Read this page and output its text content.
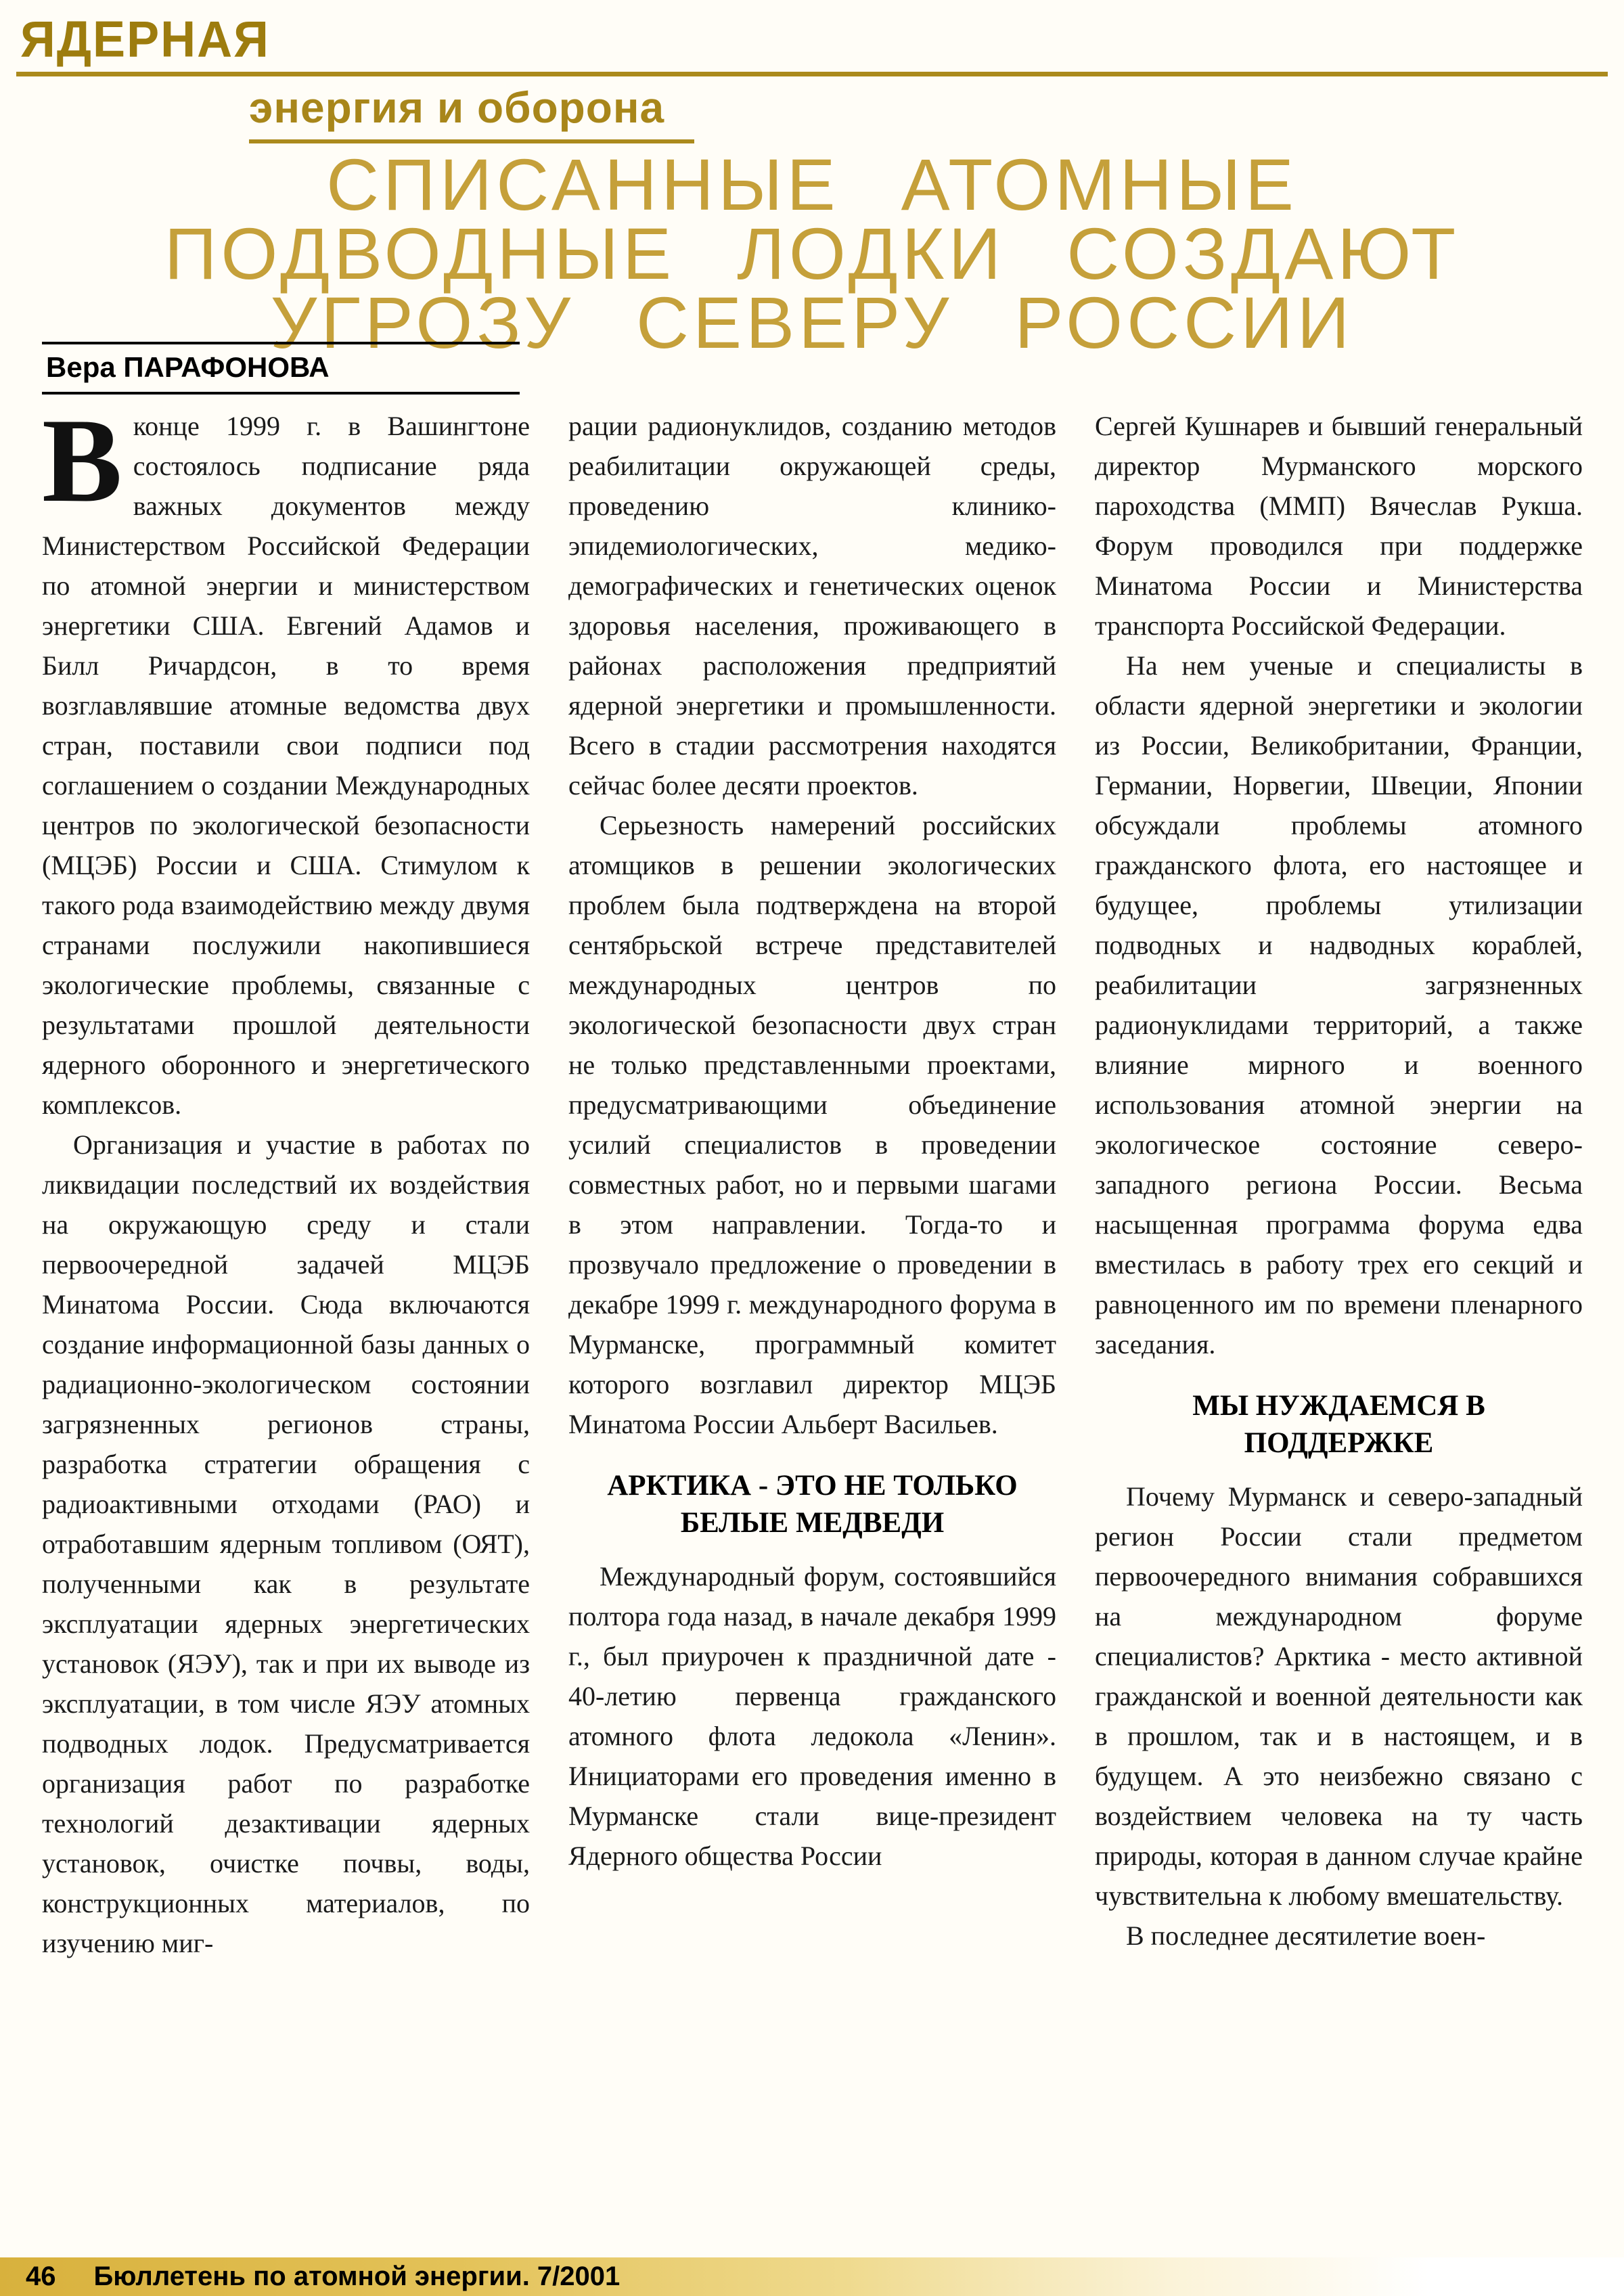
ЯДЕРНАЯ
энергия и оборона
СПИСАННЫЕ АТОМНЫЕ
ПОДВОДНЫЕ ЛОДКИ СОЗДАЮТ
УГРОЗУ СЕВЕРУ РОССИИ
Вера ПАРАФОНОВА

Вконце 1999 г. в Вашингтоне состоялось подписание ряда важных документов между Министерством Российской Федерации по атомной энергии и министерством энергетики США. Евгений Адамов и Билл Ричардсон, в то время возглавлявшие атомные ведомства двух стран, поставили свои подписи под соглашением о создании Международных центров по экологической безопасности (МЦЭБ) России и США. Стимулом к такого рода взаимодействию между двумя странами послужили накопившиеся экологические проблемы, связанные с результатами прошлой деятельности ядерного оборонного и энергетического комплексов.

Организация и участие в работах по ликвидации последствий их воздействия на окружающую среду и стали первоочередной задачей МЦЭБ Минатома России. Сюда включаются создание информационной базы данных о радиационно-экологическом состоянии загрязненных регионов страны, разработка стратегии обращения с радиоактивными отходами (РАО) и отработавшим ядерным топливом (ОЯТ), полученными как в результате эксплуатации ядерных энергетических установок (ЯЭУ), так и при их выводе из эксплуатации, в том числе ЯЭУ атомных подводных лодок. Предусматривается организация работ по разработке технологий дезактивации ядерных установок, очистке почвы, воды, конструкционных материалов, по изучению миг-

рации радионуклидов, созданию методов реабилитации окружающей среды, проведению клинико-эпидемиологических, медико-демографических и генетических оценок здоровья населения, проживающего в районах расположения предприятий ядерной энергетики и промышленности. Всего в стадии рассмотрения находятся сейчас более десяти проектов.

Серьезность намерений российских атомщиков в решении экологических проблем была подтверждена на второй сентябрьской встрече представителей международных центров по экологической безопасности двух стран не только представленными проектами, предусматривающими объединение усилий специалистов в проведении совместных работ, но и первыми шагами в этом направлении. Тогда-то и прозвучало предложение о проведении в декабре 1999 г. международного форума в Мурманске, программный комитет которого возглавил директор МЦЭБ Минатома России Альберт Васильев.

АРКТИКА - ЭТО НЕ ТОЛЬКО БЕЛЫЕ МЕДВЕДИ

Международный форум, состоявшийся полтора года назад, в начале декабря 1999 г., был приурочен к праздничной дате - 40-летию первенца гражданского атомного флота ледокола «Ленин». Инициаторами его проведения именно в Мурманске стали вице-президент Ядерного общества России

Сергей Кушнарев и бывший генеральный директор Мурманского морского пароходства (ММП) Вячеслав Рукша. Форум проводился при поддержке Минатома России и Министерства транспорта Российской Федерации.

На нем ученые и специалисты в области ядерной энергетики и экологии из России, Великобритании, Франции, Германии, Норвегии, Швеции, Японии обсуждали проблемы атомного гражданского флота, его настоящее и будущее, проблемы утилизации подводных и надводных кораблей, реабилитации загрязненных радионуклидами территорий, а также влияние мирного и военного использования атомной энергии на экологическое состояние северо-западного региона России. Весьма насыщенная программа форума едва вместилась в работу трех его секций и равноценного им по времени пленарного заседания.

МЫ НУЖДАЕМСЯ В ПОДДЕРЖКЕ

Почему Мурманск и северо-западный регион России стали предметом первоочередного внимания собравшихся на международном форуме специалистов? Арктика - место активной гражданской и военной деятельности как в прошлом, так и в настоящем, и в будущем. А это неизбежно связано с воздействием человека на ту часть природы, которая в данном случае крайне чувствительна к любому вмешательству.

В последнее десятилетие воен-

46 Бюллетень по атомной энергии. 7/2001
